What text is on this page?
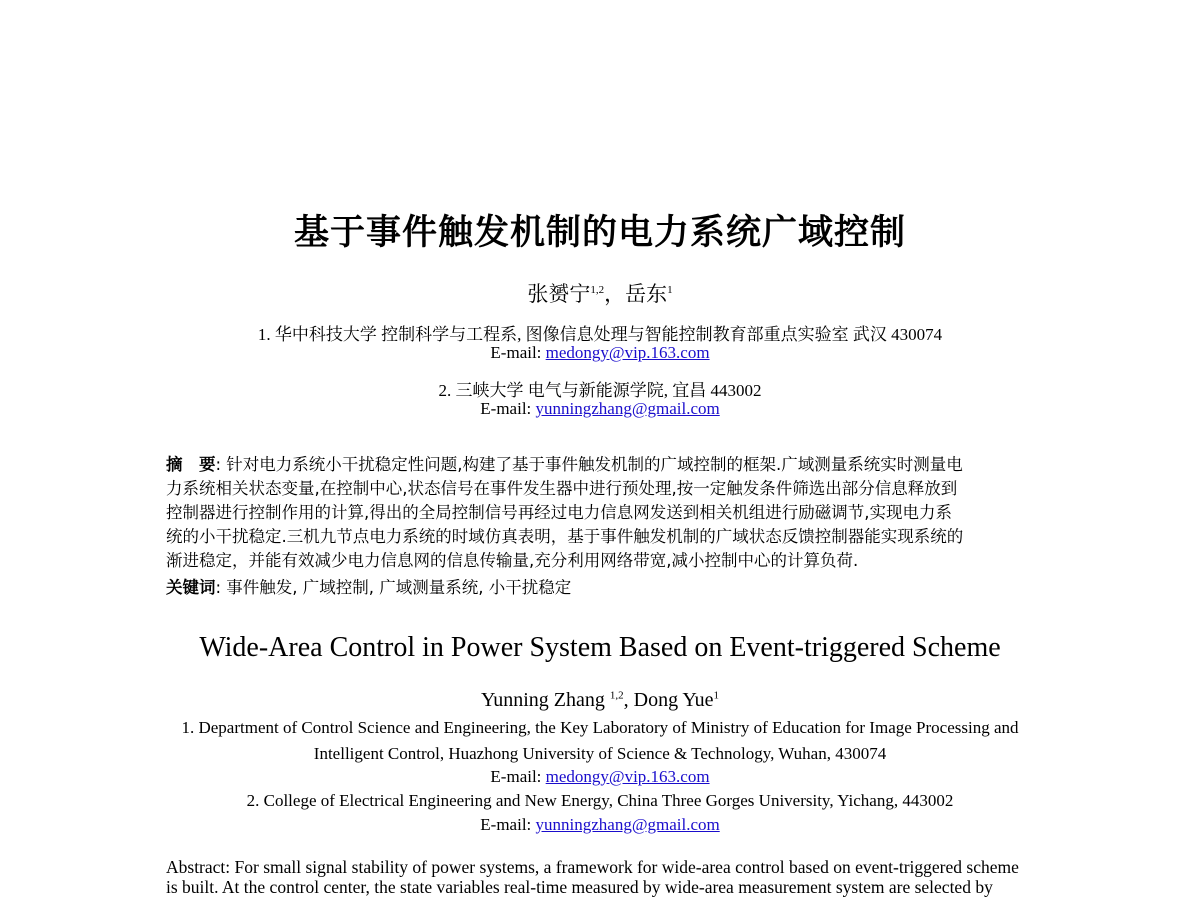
基于事件触发机制的电力系统广域控制
张赟宁$^{1,2}$，岳东$^1$
1. 华中科技大学 控制科学与工程系, 图像信息处理与智能控制教育部重点实验室 武汉 430074
E-mail: medongy@vip.163.com
2. 三峡大学 电气与新能源学院, 宜昌 443002
E-mail: yunningzhang@gmail.com
摘　要: 针对电力系统小干扰稳定性问题,构建了基于事件触发机制的广域控制的框架.广域测量系统实时测量电
力系统相关状态变量,在控制中心,状态信号在事件发生器中进行预处理,按一定触发条件筛选出部分信息释放到
控制器进行控制作用的计算,得出的全局控制信号再经过电力信息网发送到相关机组进行励磁调节,实现电力系
统的小干扰稳定.三机九节点电力系统的时域仿真表明，基于事件触发机制的广域状态反馈控制器能实现系统的
渐进稳定，并能有效减少电力信息网的信息传输量,充分利用网络带宽,减小控制中心的计算负荷.
关键词: 事件触发, 广域控制, 广域测量系统, 小干扰稳定
Wide-Area Control in Power System Based on Event-triggered Scheme
Yunning Zhang $^{1,2}$, Dong Yue$^1$
1. Department of Control Science and Engineering, the Key Laboratory of Ministry of Education for Image Processing and
Intelligent Control, Huazhong University of Science & Technology, Wuhan, 430074
E-mail: medongy@vip.163.com
2. College of Electrical Engineering and New Energy, China Three Gorges University, Yichang, 443002
E-mail: yunningzhang@gmail.com
Abstract: For small signal stability of power systems, a framework for wide-area control based on event-triggered scheme
is built. At the control center, the state variables real-time measured by wide-area measurement system are selected by
